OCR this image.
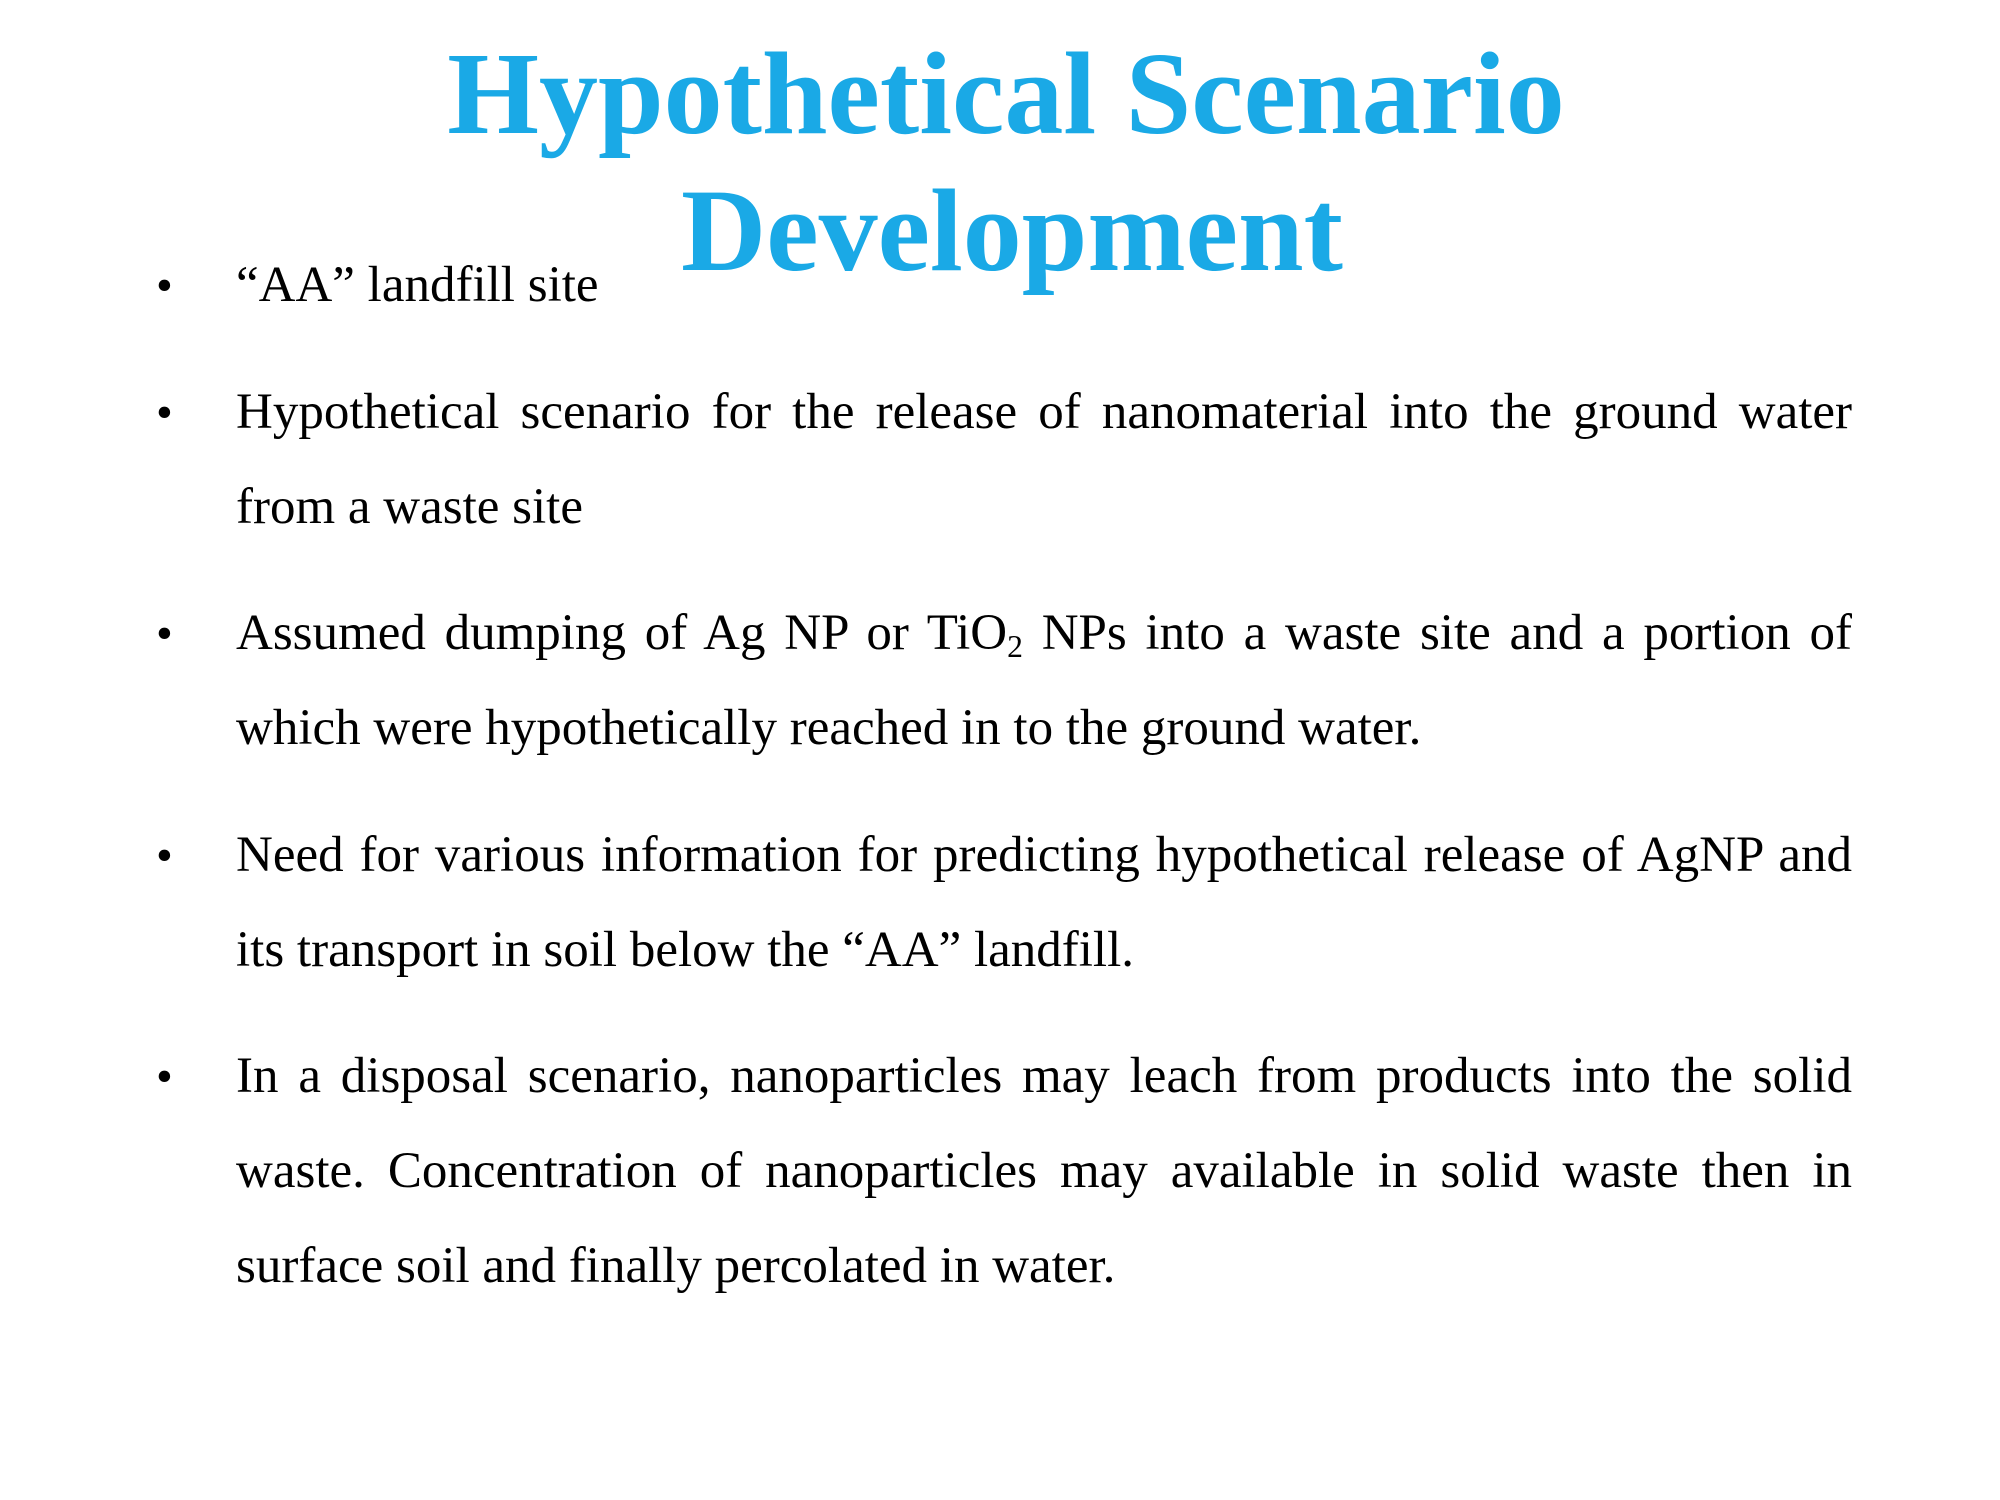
Hypothetical Scenario
Development
• “AA” landfill site

• Hypothetical scenario for the release of nanomaterial into the ground water from a waste site

• Assumed dumping of Ag NP or TiO$_2$ NPs into a waste site and a portion of which were hypothetically reached in to the ground water.

• Need for various information for predicting hypothetical release of AgNP and its transport in soil below the “AA” landfill.

• In a disposal scenario, nanoparticles may leach from products into the solid waste. Concentration of nanoparticles may available in solid waste then in surface soil and finally percolated in water.
